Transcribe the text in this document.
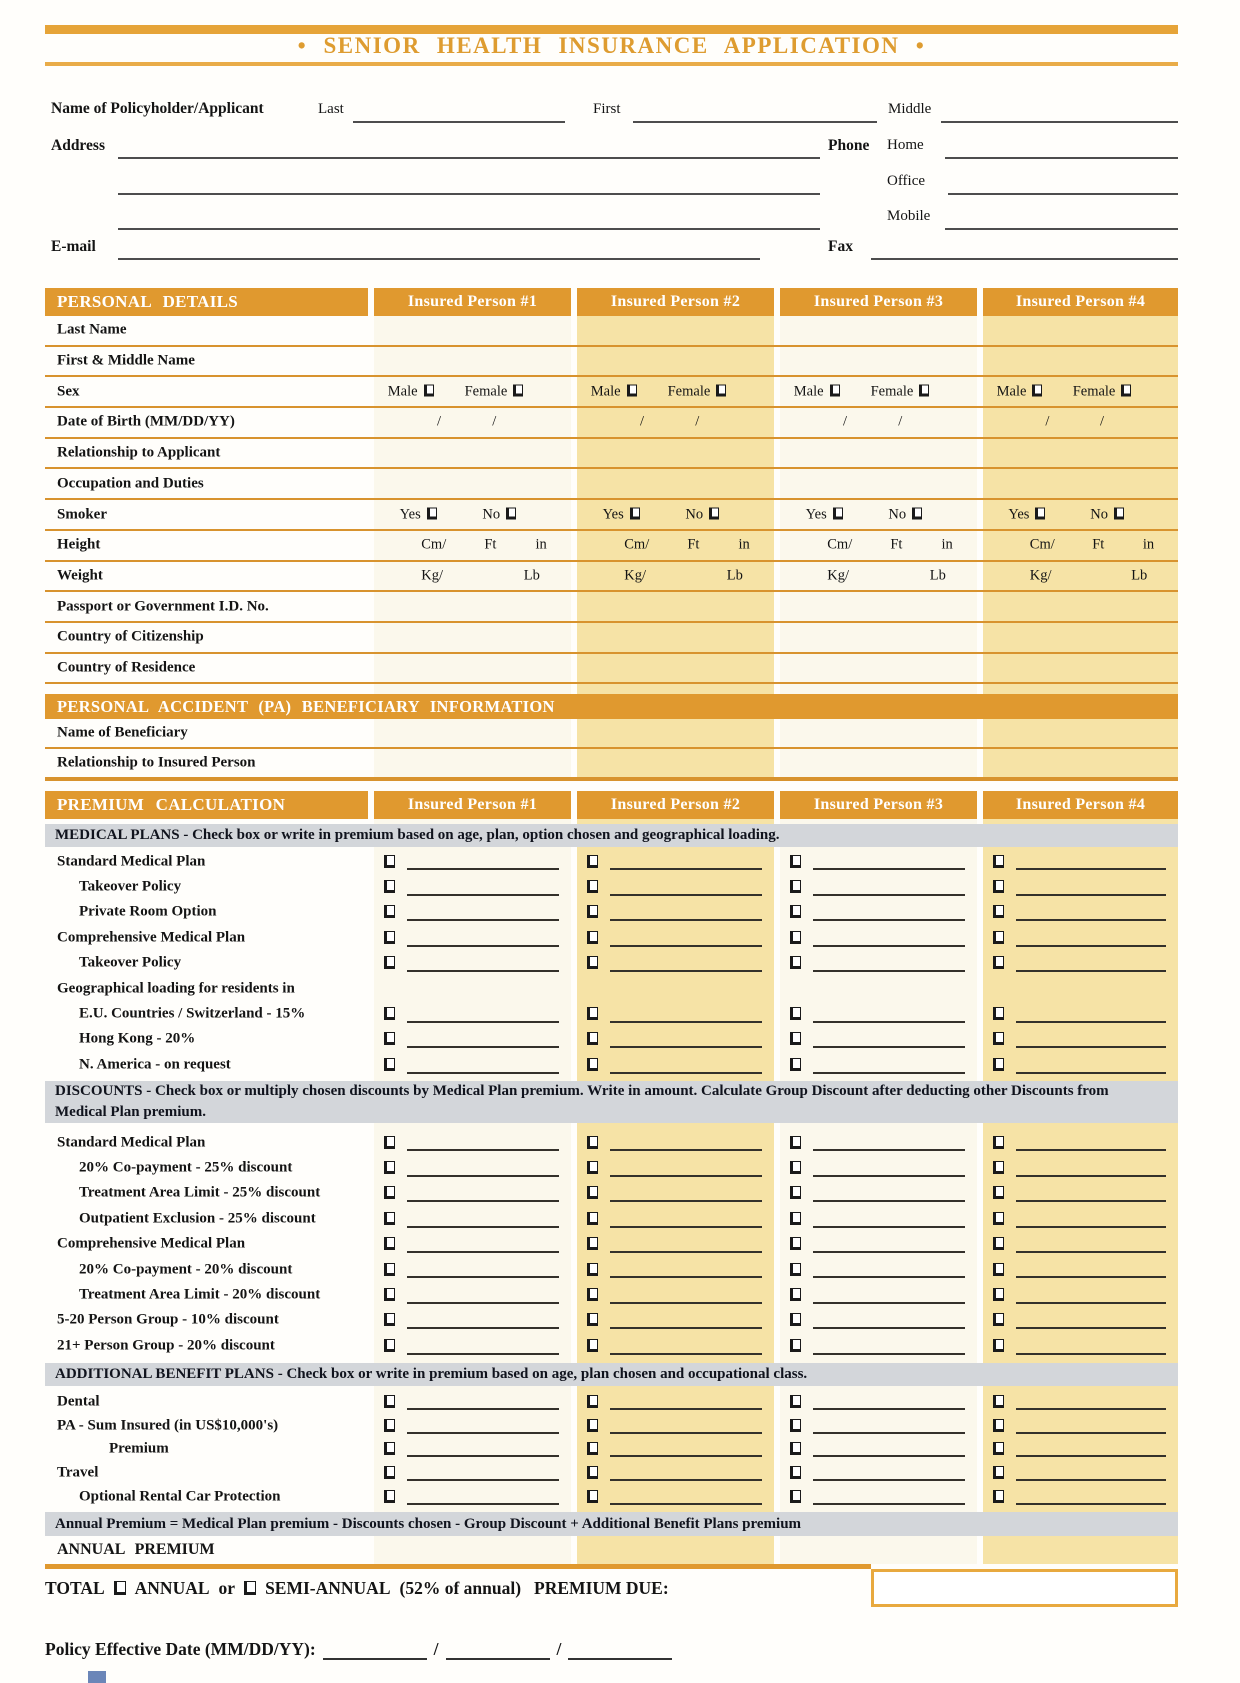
• SENIOR HEALTH INSURANCE APPLICATION •
Name of Policyholder/Applicant	Last	First	Middle
Address	Phone Home
Office
Mobile
E-mail	Fax
TOTAL ANNUAL or SEMI-ANNUAL (52% of annual) PREMIUM DUE:
Policy Effective Date (MM/DD/YY):	/	/
PERSONAL DETAILS	Insured Person #1	Insured Person #2	Insured Person #3	Insured Person #4
Last Name
First & Middle Name
Sex	Male	Female	Male	Female	Male	Female	Male	Female
Date of Birth (MM/DD/YY)	/	/	/	/	/	/	/	/
Relationship to Applicant
Occupation and Duties
Smoker	Yes	No	Yes	No	Yes	No	Yes	No
Height	Cm/	Ft	in	Cm/	Ft	in	Cm/	Ft	in	Cm/	Ft	in
Weight	Kg/	Lb	Kg/	Lb	Kg/	Lb	Kg/	Lb
Passport or Government I.D. No.
Country of Citizenship
Country of Residence
PERSONAL ACCIDENT (PA) BENEFICIARY INFORMATION
Name of Beneficiary
Relationship to Insured Person
PREMIUM CALCULATION	Insured Person #1	Insured Person #2	Insured Person #3	Insured Person #4
MEDICAL PLANS - Check box or write in premium based on age, plan, option chosen and geographical loading.
Standard Medical Plan
Takeover Policy
Private Room Option
Comprehensive Medical Plan
Takeover Policy
Geographical loading for residents in
E.U. Countries / Switzerland - 15%
Hong Kong - 20%
N. America - on request
DISCOUNTS - Check box or multiply chosen discounts by Medical Plan premium. Write in amount. Calculate Group Discount after deducting other Discounts from Medical Plan premium.
Standard Medical Plan
20% Co-payment - 25% discount
Treatment Area Limit - 25% discount
Outpatient Exclusion - 25% discount
Comprehensive Medical Plan
20% Co-payment - 20% discount
Treatment Area Limit - 20% discount
5-20 Person Group - 10% discount
21+ Person Group - 20% discount
ADDITIONAL BENEFIT PLANS - Check box or write in premium based on age, plan chosen and occupational class.
Dental
PA - Sum Insured (in US$10,000's)
Premium
Travel
Optional Rental Car Protection
Annual Premium = Medical Plan premium - Discounts chosen - Group Discount + Additional Benefit Plans premium
ANNUAL PREMIUM
